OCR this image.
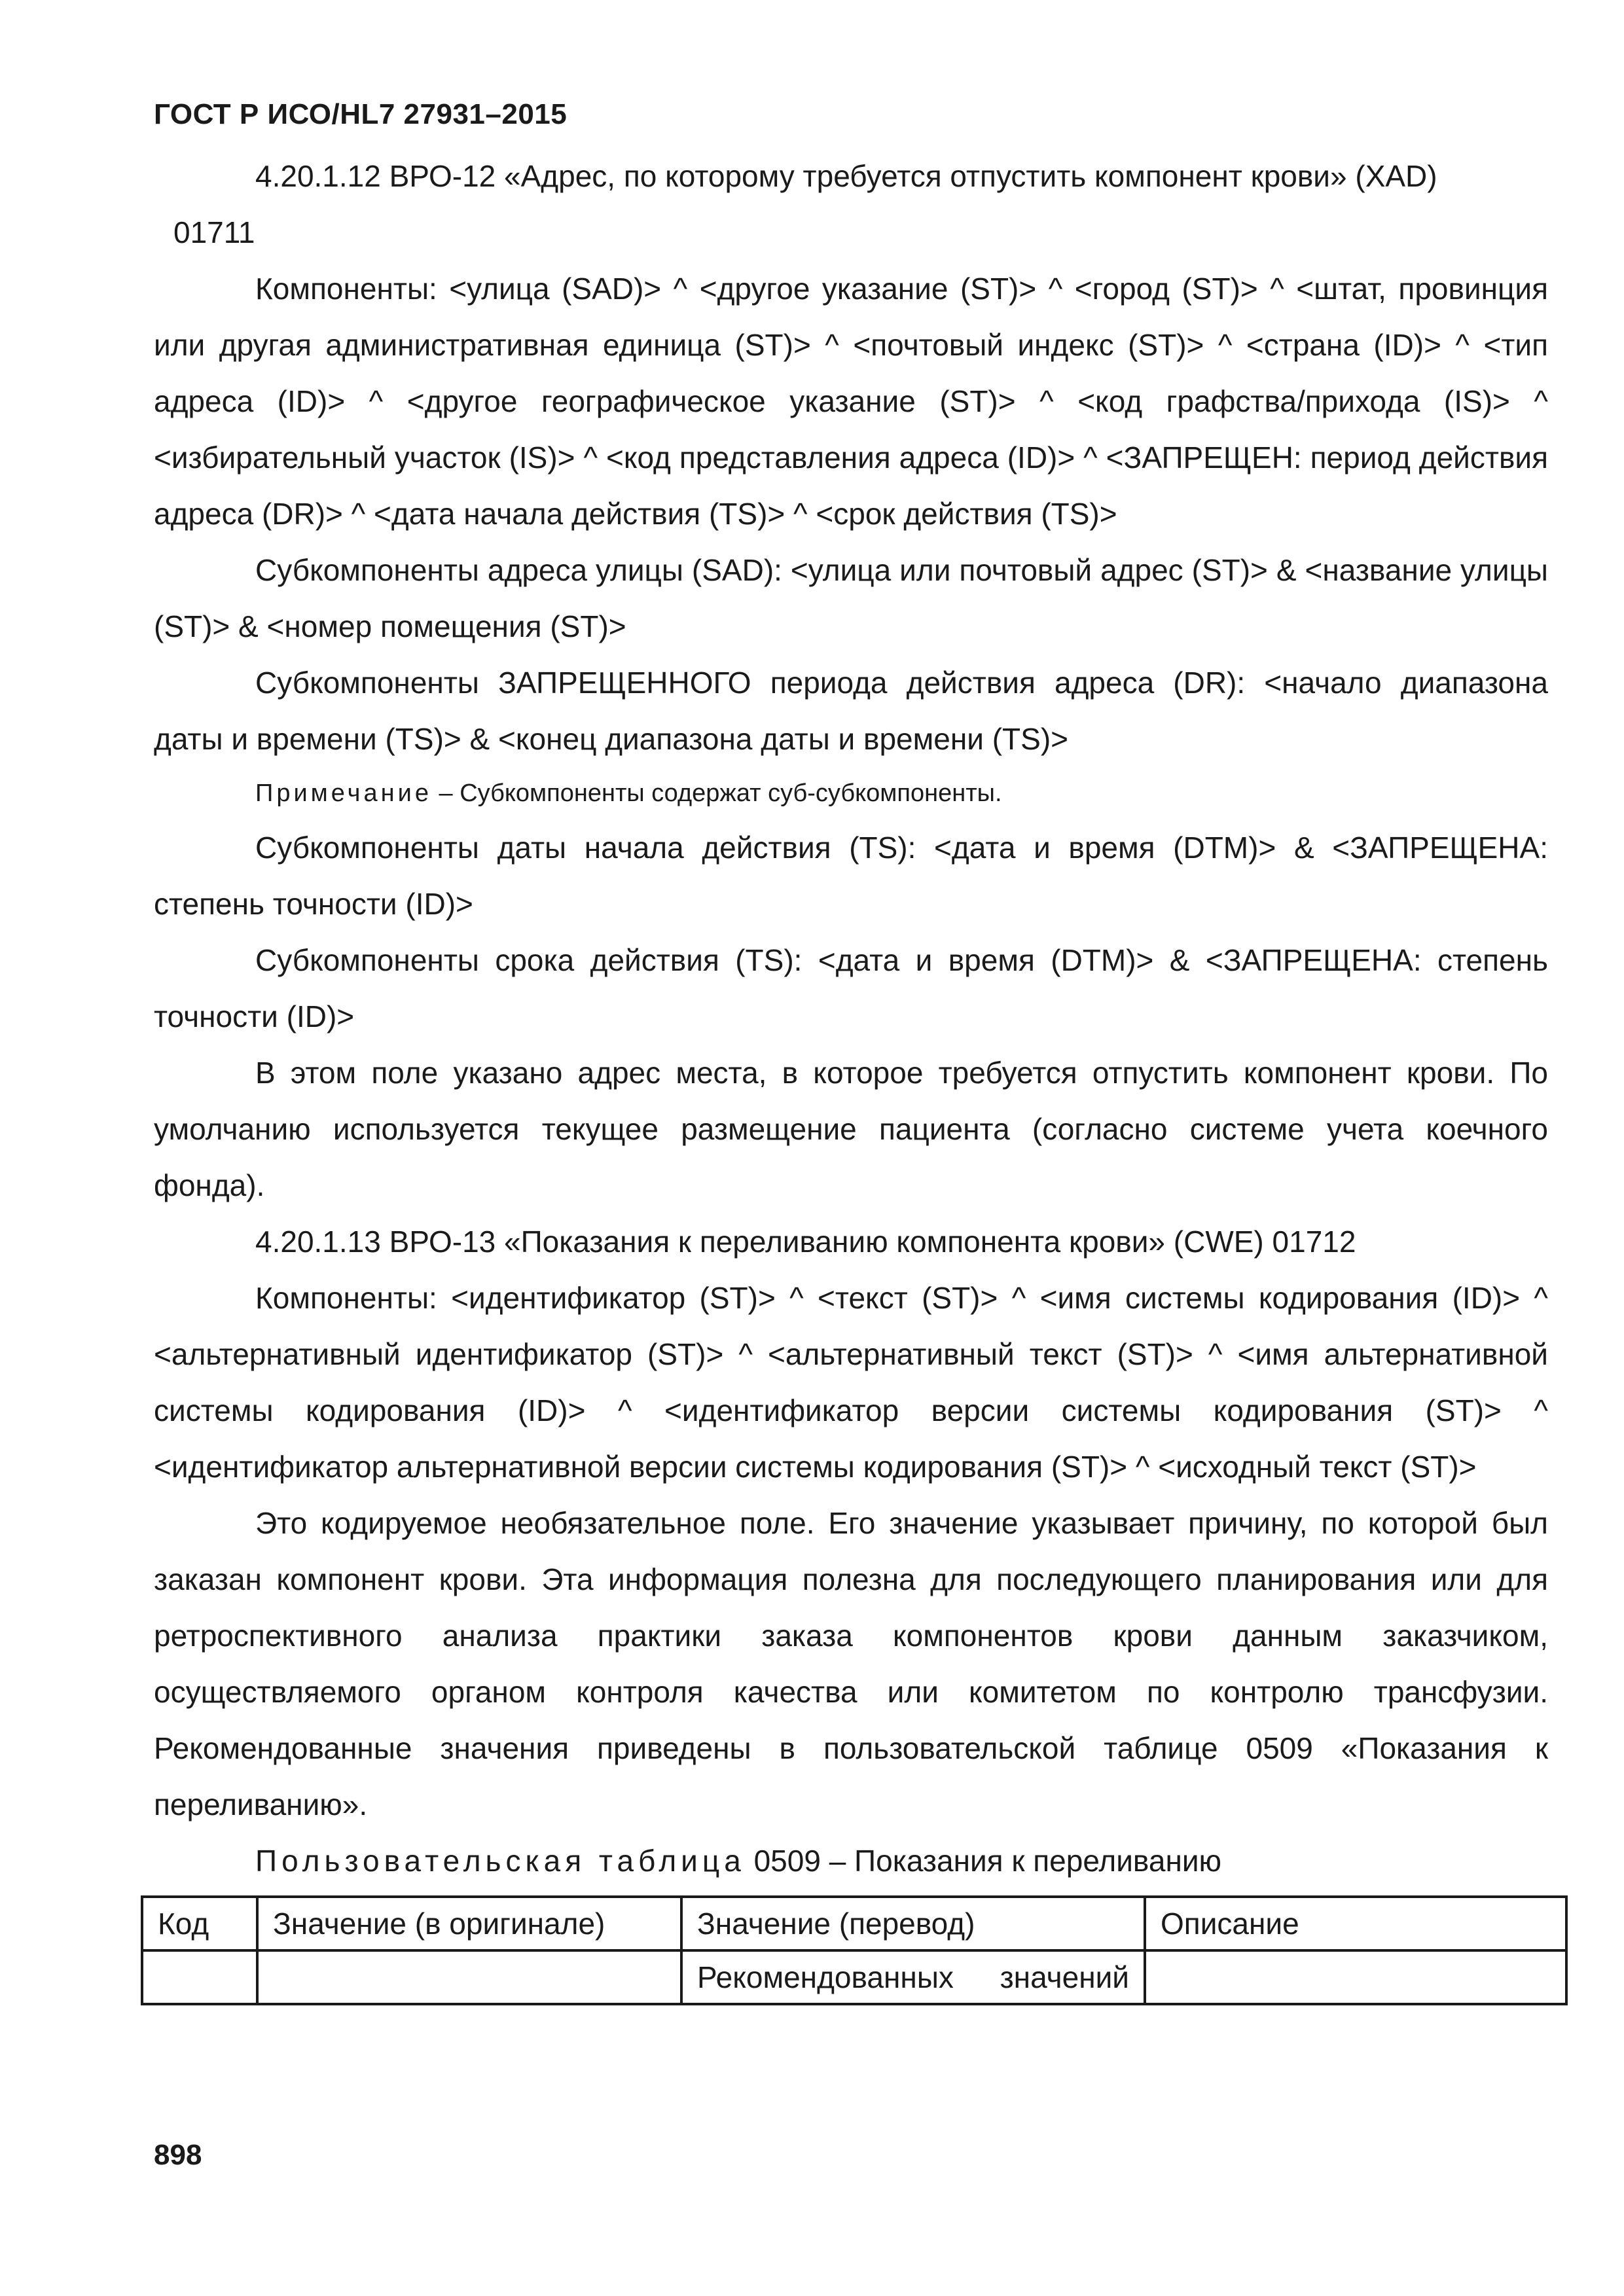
ГОСТ Р ИСО/HL7 27931–2015

4.20.1.12 ВРО-12 «Адрес, по которому требуется отпустить компонент крови» (XAD)

01711

Компоненты: <улица (SAD)> ^ <другое указание (ST)> ^ <город (ST)> ^ <штат, провинция или другая административная единица (ST)> ^ <почтовый индекс (ST)> ^ <страна (ID)> ^ <тип адреса (ID)> ^ <другое географическое указание (ST)> ^ <код графства/прихода (IS)> ^ <избирательный участок (IS)> ^ <код представления адреса (ID)> ^ <ЗАПРЕЩЕН: период действия адреса (DR)> ^ <дата начала действия (TS)> ^ <срок действия (TS)>

Субкомпоненты адреса улицы (SAD): <улица или почтовый адрес (ST)> & <название улицы (ST)> & <номер помещения (ST)>

Субкомпоненты ЗАПРЕЩЕННОГО периода действия адреса (DR): <начало диапазона даты и времени (TS)> & <конец диапазона даты и времени (TS)>

Примечание – Субкомпоненты содержат суб-субкомпоненты.

Субкомпоненты даты начала действия (TS): <дата и время (DTM)> & <ЗАПРЕЩЕНА: степень точности (ID)>

Субкомпоненты срока действия (TS): <дата и время (DTM)> & <ЗАПРЕЩЕНА: степень точности (ID)>

В этом поле указано адрес места, в которое требуется отпустить компонент крови. По умолчанию используется текущее размещение пациента (согласно системе учета коечного фонда).

4.20.1.13 ВРО-13 «Показания к переливанию компонента крови» (CWE) 01712

Компоненты: <идентификатор (ST)> ^ <текст (ST)> ^ <имя системы кодирования (ID)> ^ <альтернативный идентификатор (ST)> ^ <альтернативный текст (ST)> ^ <имя альтернативной системы кодирования (ID)> ^ <идентификатор версии системы кодирования (ST)> ^ <идентификатор альтернативной версии системы кодирования (ST)> ^ <исходный текст (ST)>

Это кодируемое необязательное поле. Его значение указывает причину, по которой был заказан компонент крови. Эта информация полезна для последующего планирования или для ретроспективного анализа практики заказа компонентов крови данным заказчиком, осуществляемого органом контроля качества или комитетом по контролю трансфузии. Рекомендованные значения приведены в пользовательской таблице 0509 «Показания к переливанию».

Пользовательская таблица 0509 – Показания к переливанию

Код	Значение (в оригинале)	Значение (перевод)	Описание
		Рекомендованных значений	
898
